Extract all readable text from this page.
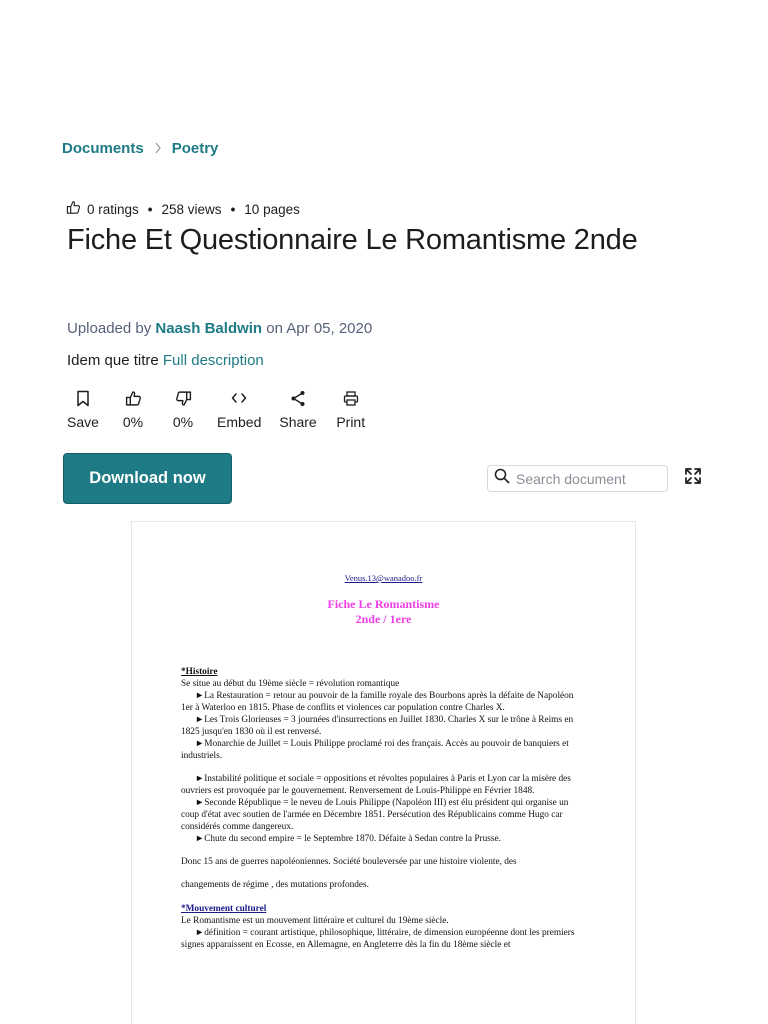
Documents Poetry
0 ratings • 258 views • 10 pages
Fiche Et Questionnaire Le Romantisme 2nde
Uploaded by Naash Baldwin on Apr 05, 2020
Idem que titre Full description
Save 0% 0% Embed Share Print
Download now
Search document
Venus.13@wanadoo.fr
Fiche Le Romantisme
2nde / 1ere

*Histoire

Se situe au début du 19ème siècle = révolution romantique

►La Restauration = retour au pouvoir de la famille royale des Bourbons après la défaite de Napoléon 1er à Waterloo en 1815. Phase de conflits et violences car population contre Charles X.

►Les Trois Glorieuses = 3 journées d'insurrections en Juillet 1830. Charles X sur le trône à Reims en 1825 jusqu'en 1830 où il est renversé.

►Monarchie de Juillet = Louis Philippe proclamé roi des français. Accès au pouvoir de banquiers et industriels.

►Instabilité politique et sociale = oppositions et révoltes populaires à Paris et Lyon car la misère des ouvriers est provoquée par le gouvernement. Renversement de Louis-Philippe en Février 1848.

►Seconde République = le neveu de Louis Philippe (Napoléon III) est élu président qui organise un coup d'état avec soutien de l'armée en Décembre 1851. Persécution des Républicains comme Hugo car considérés comme dangereux.

►Chute du second empire = le Septembre 1870. Défaite à Sedan contre la Prusse.

Donc 15 ans de guerres napoléoniennes. Société bouleversée par une histoire violente, des

changements de régime , des mutations profondes.

*Mouvement culturel

Le Romantisme est un mouvement littéraire et culturel du 19ème siècle.

►définition = courant artistique, philosophique, littéraire, de dimension européenne dont les premiers signes apparaissent en Ecosse, en Allemagne, en Angleterre dès la fin du 18ème siècle et
